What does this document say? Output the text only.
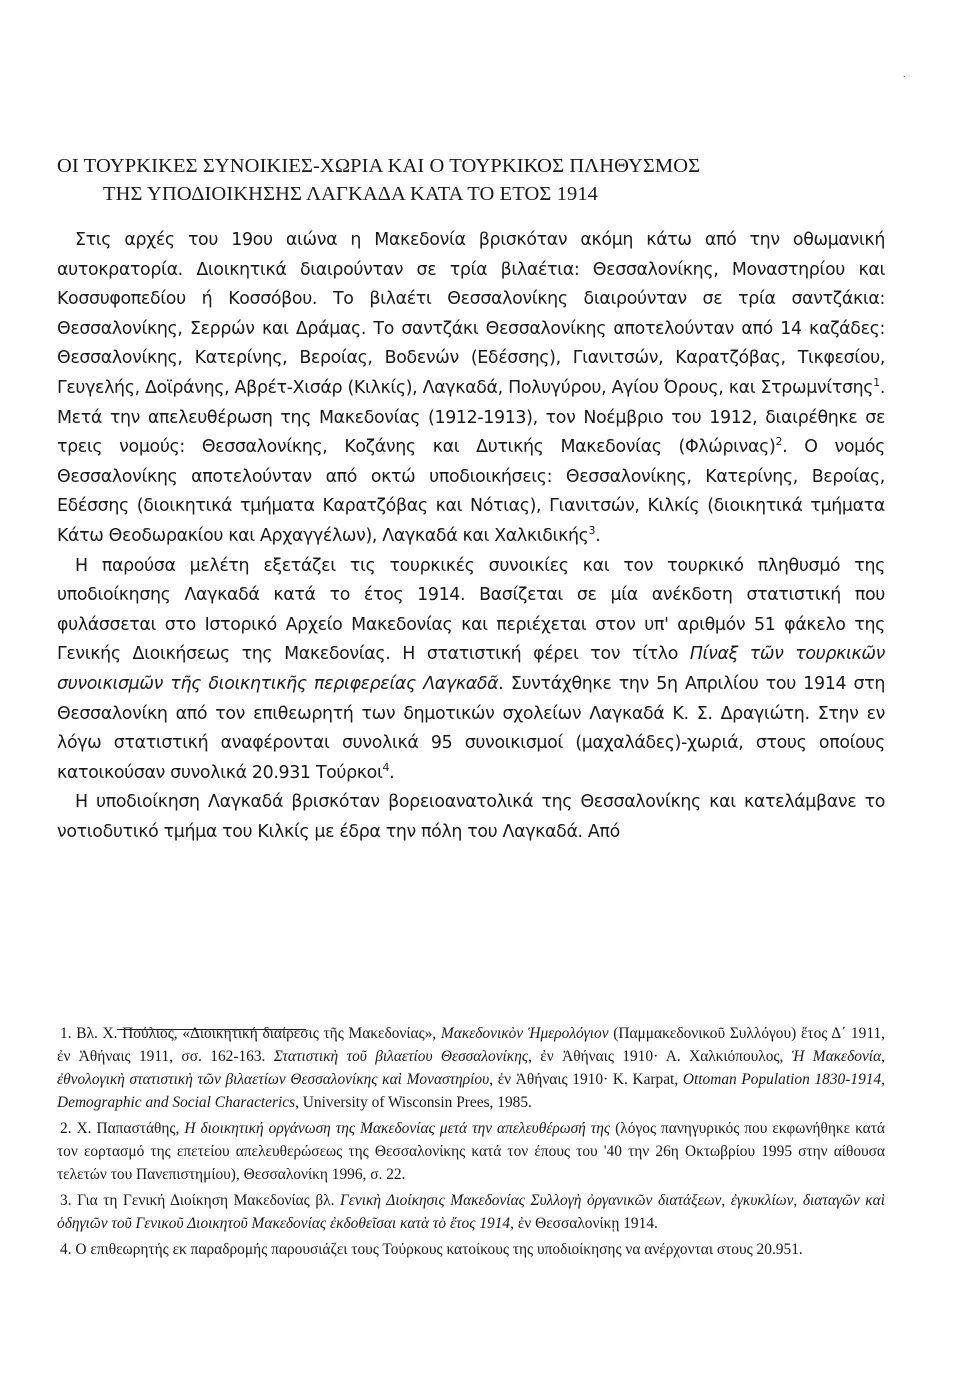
·
ΟΙ ΤΟΥΡΚΙΚΕΣ ΣΥΝΟΙΚΙΕΣ-ΧΩΡΙΑ ΚΑΙ Ο ΤΟΥΡΚΙΚΟΣ ΠΛΗΘΥΣΜΟΣ
ΤΗΣ ΥΠΟΔΙΟΙΚΗΣΗΣ ΛΑΓΚΑΔΑ ΚΑΤΑ ΤΟ ΕΤΟΣ 1914

Στις αρχές του 19ου αιώνα η Μακεδονία βρισκόταν ακόμη κάτω από την οθωμανική αυτοκρατορία. Διοικητικά διαιρούνταν σε τρία βιλαέτια: Θεσσαλονίκης, Μοναστηρίου και Κοσσυφοπεδίου ή Κοσσόβου. Το βιλαέτι Θεσσαλονίκης διαιρούνταν σε τρία σαντζάκια: Θεσσαλονίκης, Σερρών και Δράμας. Το σαντζάκι Θεσσαλονίκης αποτελούνταν από 14 καζάδες: Θεσσαλονίκης, Κατερίνης, Βεροίας, Βοδενών (Εδέσσης), Γιανιτσών, Καρατζόβας, Τικφεσίου, Γευγελής, Δοϊράνης, Αβρέτ-Χισάρ (Κιλκίς), Λαγκαδά, Πολυγύρου, Αγίου Όρους, και Στρωμνίτσης$^1$. Μετά την απελευθέρωση της Μακεδονίας (1912-1913), τον Νοέμβριο του 1912, διαιρέθηκε σε τρεις νομούς: Θεσσαλονίκης, Κοζάνης και Δυτικής Μακεδονίας (Φλώρινας)$^2$. Ο νομός Θεσσαλονίκης αποτελούνταν από οκτώ υποδιοικήσεις: Θεσσαλονίκης, Κατερίνης, Βεροίας, Εδέσσης (διοικητικά τμήματα Καρατζόβας και Νότιας), Γιανιτσών, Κιλκίς (διοικητικά τμήματα Κάτω Θεοδωρακίου και Αρχαγγέλων), Λαγκαδά και Χαλκιδικής$^3$.

Η παρούσα μελέτη εξετάζει τις τουρκικές συνοικίες και τον τουρκικό πληθυσμό της υποδιοίκησης Λαγκαδά κατά το έτος 1914. Βασίζεται σε μία ανέκδοτη στατιστική που φυλάσσεται στο Ιστορικό Αρχείο Μακεδονίας και περιέχεται στον υπ' αριθμόν 51 φάκελο της Γενικής Διοικήσεως της Μακεδονίας. Η στατιστική φέρει τον τίτλο Πίναξ τῶν τουρκικῶν συνοικισμῶν τῆς διοικητικῆς περιφερείας Λαγκαδᾶ. Συντάχθηκε την 5η Απριλίου του 1914 στη Θεσσαλονίκη από τον επιθεωρητή των δημοτικών σχολείων Λαγκαδά Κ. Σ. Δραγιώτη. Στην εν λόγω στατιστική αναφέρονται συνολικά 95 συνοικισμοί (μαχαλάδες)-χωριά, στους οποίους κατοικούσαν συνολικά 20.931 Τούρκοι$^4$.

Η υποδιοίκηση Λαγκαδά βρισκόταν βορειοανατολικά της Θεσσαλονίκης και κατελάμβανε το νοτιοδυτικό τμήμα του Κιλκίς με έδρα την πόλη του Λαγκαδά. Από

1. Βλ. Χ. Πούλιος, «Διοικητική διαίρεσις τῆς Μακεδονίας», Μακεδονικὸν Ἡμερολόγιον (Παμμακεδονικοῦ Συλλόγου) ἔτος Δ΄ 1911, ἐν Ἀθήναις 1911, σσ. 162-163. Στατιστικὴ τοῦ βιλαετίου Θεσσαλονίκης, ἐν Ἀθήναις 1910· Α. Χαλκιόπουλος, Ἡ Μακεδονία, ἐθνολογικὴ στατιστικὴ τῶν βιλαετίων Θεσσαλονίκης καὶ Μοναστηρίου, ἐν Ἀθήναις 1910· K. Karpat, Ottoman Population 1830-1914, Demographic and Social Characterics, University of Wisconsin Prees, 1985.
2. Χ. Παπαστάθης, Η διοικητική οργάνωση της Μακεδονίας μετά την απελευθέρωσή της (λόγος πανηγυρικός που εκφωνήθηκε κατά τον εορτασμό της επετείου απελευθερώσεως της Θεσσαλονίκης κατά τον έπους του '40 την 26η Οκτωβρίου 1995 στην αίθουσα τελετών του Πανεπιστημίου), Θεσσαλονίκη 1996, σ. 22.
3. Για τη Γενική Διοίκηση Μακεδονίας βλ. Γενικὴ Διοίκησις Μακεδονίας Συλλογὴ ὀργανικῶν διατάξεων, ἐγκυκλίων, διαταγῶν καὶ ὁδηγιῶν τοῦ Γενικοῦ Διοικητοῦ Μακεδονίας ἐκδοθεῖσαι κατὰ τὸ ἔτος 1914, ἐν Θεσσαλονίκῃ 1914.
4. Ο επιθεωρητής εκ παραδρομής παρουσιάζει τους Τούρκους κατοίκους της υποδιοίκησης να ανέρχονται στους 20.951.
